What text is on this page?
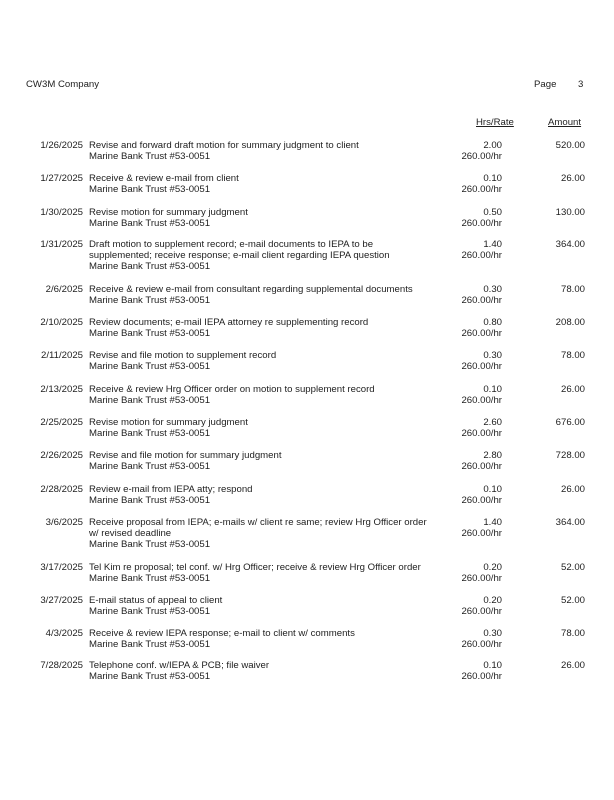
CW3M Company	Page 3
Hrs/Rate	Amount
1/26/2025 Revise and forward draft motion for summary judgment to client
Marine Bank Trust #53-0051
2.00
260.00/hr
520.00
1/27/2025 Receive & review e-mail from client
Marine Bank Trust #53-0051
0.10
260.00/hr
26.00
1/30/2025 Revise motion for summary judgment
Marine Bank Trust #53-0051
0.50
260.00/hr
130.00
1/31/2025 Draft motion to supplement record; e-mail documents to IEPA to be
supplemented; receive response; e-mail client regarding IEPA question
Marine Bank Trust #53-0051
1.40
260.00/hr
364.00
2/6/2025 Receive & review e-mail from consultant regarding supplemental documents
Marine Bank Trust #53-0051
0.30
260.00/hr
78.00
2/10/2025 Review documents; e-mail IEPA attorney re supplementing record
Marine Bank Trust #53-0051
0.80
260.00/hr
208.00
2/11/2025 Revise and file motion to supplement record
Marine Bank Trust #53-0051
0.30
260.00/hr
78.00
2/13/2025 Receive & review Hrg Officer order on motion to supplement record
Marine Bank Trust #53-0051
0.10
260.00/hr
26.00
2/25/2025 Revise motion for summary judgment
Marine Bank Trust #53-0051
2.60
260.00/hr
676.00
2/26/2025 Revise and file motion for summary judgment
Marine Bank Trust #53-0051
2.80
260.00/hr
728.00
2/28/2025 Review e-mail from IEPA atty; respond
Marine Bank Trust #53-0051
0.10
260.00/hr
26.00
3/6/2025 Receive proposal from IEPA; e-mails w/ client re same; review Hrg Officer order
w/ revised deadline
Marine Bank Trust #53-0051
1.40
260.00/hr
364.00
3/17/2025 Tel Kim re proposal; tel conf. w/ Hrg Officer; receive & review Hrg Officer order
Marine Bank Trust #53-0051
0.20
260.00/hr
52.00
3/27/2025 E-mail status of appeal to client
Marine Bank Trust #53-0051
0.20
260.00/hr
52.00
4/3/2025 Receive & review IEPA response; e-mail to client w/ comments
Marine Bank Trust #53-0051
0.30
260.00/hr
78.00
7/28/2025 Telephone conf. w/IEPA & PCB; file waiver
Marine Bank Trust #53-0051
0.10
260.00/hr
26.00
